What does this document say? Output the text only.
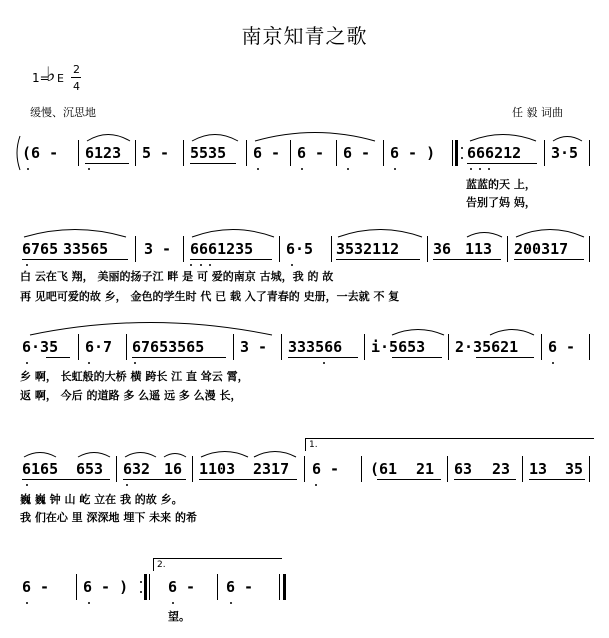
南京知青之歌
1=
♭ E
2
4
缓慢、沉思地	任 毅 词曲
(6 - 6123 5 - 5535 6 - 6 - 6 - 6 - ) 666212 3·5
蓝蓝的天 上，
告别了妈 妈，
6765 33565 3 - 6661235 6·5 3532112 36 113 200317
白 云在飞 翔， 美丽的扬子江 畔 是 可 爱的南京 古城，我 的 故
再 见吧可爱的故 乡， 金色的学生时 代 已 载 入了青春的 史册，一去就 不 复
6·35 6·7 67653565 3 - 333566 i·5653 2·35621 6 -
乡 啊， 长虹般的大桥 横 跨长 江 直 耸云 霄，
返 啊， 今后 的道路 多 么遥 远 多 么漫 长，
6165 653 632 16 1103 2317 6 - (61 21 63 23 13 35
1.
巍 巍 钟 山 屹 立在 我 的故 乡。
我 们在心 里 深深地 埋下 未来 的希
6 - 6 - )	6 - 6 -
2.
望。
